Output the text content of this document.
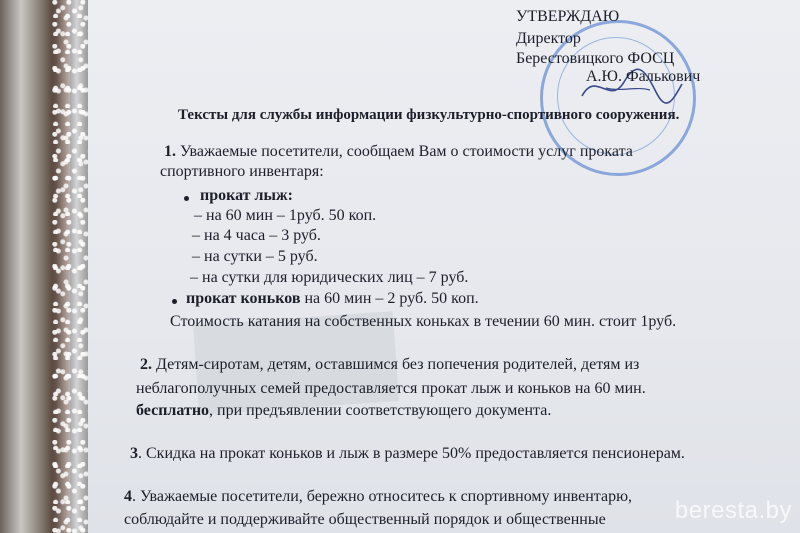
УТВЕРЖДАЮ
Директор
Берестовицкого ФОСЦ
А.Ю. Фалькович
Тексты для службы информации физкультурно-спортивного сооружения.
1. Уважаемые посетители, сообщаем Вам о стоимости услуг проката
спортивного инвентаря:
прокат лыж:
– на 60 мин – 1руб. 50 коп.
– на 4 часа – 3 руб.
– на сутки – 5 руб.
– на сутки для юридических лиц – 7 руб.
прокат коньков на 60 мин – 2 руб. 50 коп.
Стоимость катания на собственных коньках в течении 60 мин. стоит 1руб.
2. Детям-сиротам, детям, оставшимся без попечения родителей, детям из
неблагополучных семей предоставляется прокат лыж и коньков на 60 мин.
бесплатно, при предъявлении соответствующего документа.
3. Скидка на прокат коньков и лыж в размере 50% предоставляется пенсионерам.
4. Уважаемые посетители, бережно относитесь к спортивному инвентарю,
соблюдайте и поддерживайте общественный порядок и общественные	beresta.by
